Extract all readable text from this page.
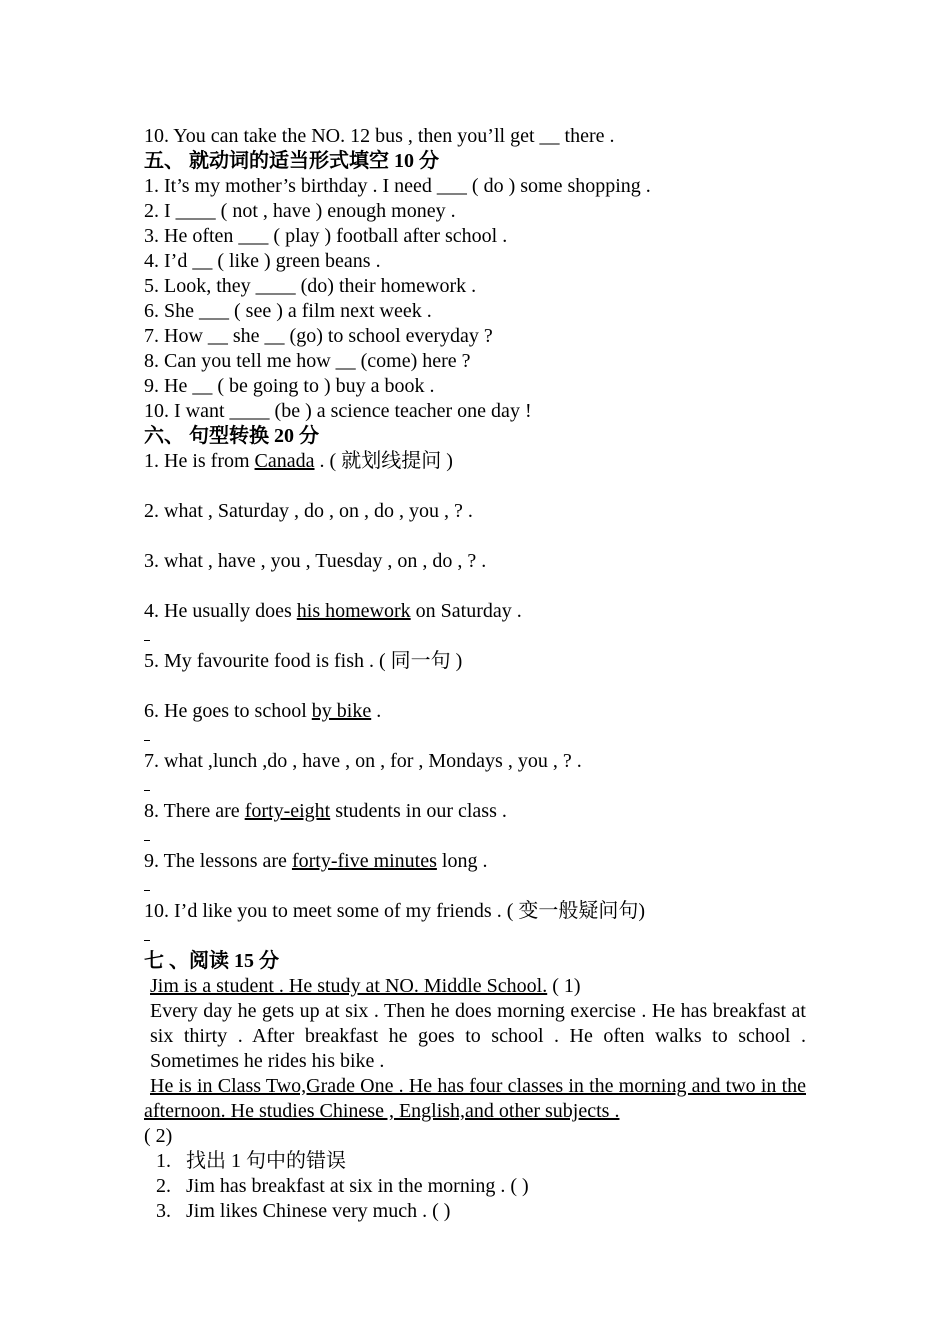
10. You can take the NO. 12 bus , then you’ll get __ there .
五、 就动词的适当形式填空 10 分
1. It’s my mother’s birthday . I need ___ ( do ) some shopping .
2. I ____ ( not , have ) enough money .
3. He often ___ ( play ) football after school .
4. I’d __ ( like ) green beans .
5. Look, they ____ (do) their homework .
6. She ___ ( see ) a film next week .
7. How __ she __ (go) to school everyday ?
8. Can you tell me how __ (come) here ?
9. He __ ( be going to ) buy a book .
10. I want ____ (be ) a science teacher one day !
六、 句型转换 20 分
1. He is from Canada . ( 就划线提问 )
2. what , Saturday , do , on , do , you , ? .
3. what , have , you , Tuesday , on , do , ? .
4. He usually does his homework on Saturday .
5. My favourite food is fish . ( 同一句 )
6. He goes to school by bike .
7. what ,lunch ,do , have , on , for , Mondays , you , ? .
8. There are forty-eight students in our class .
9. The lessons are forty-five minutes long .
10. I’d like you to meet some of my friends . ( 变一般疑问句)
七 、阅读 15 分
Jim is a student . He study at NO. Middle School. ( 1)
Every day he gets up at six . Then he does morning exercise . He has breakfast at six thirty . After breakfast he goes to school . He often walks to school . Sometimes he rides his bike .
He is in Class Two,Grade One . He has four classes in the morning and two in the afternoon. He studies Chinese , English,and other subjects .
( 2)
1. 找出 1 句中的错误
2. Jim has breakfast at six in the morning . ( )
3. Jim likes Chinese very much . ( )
